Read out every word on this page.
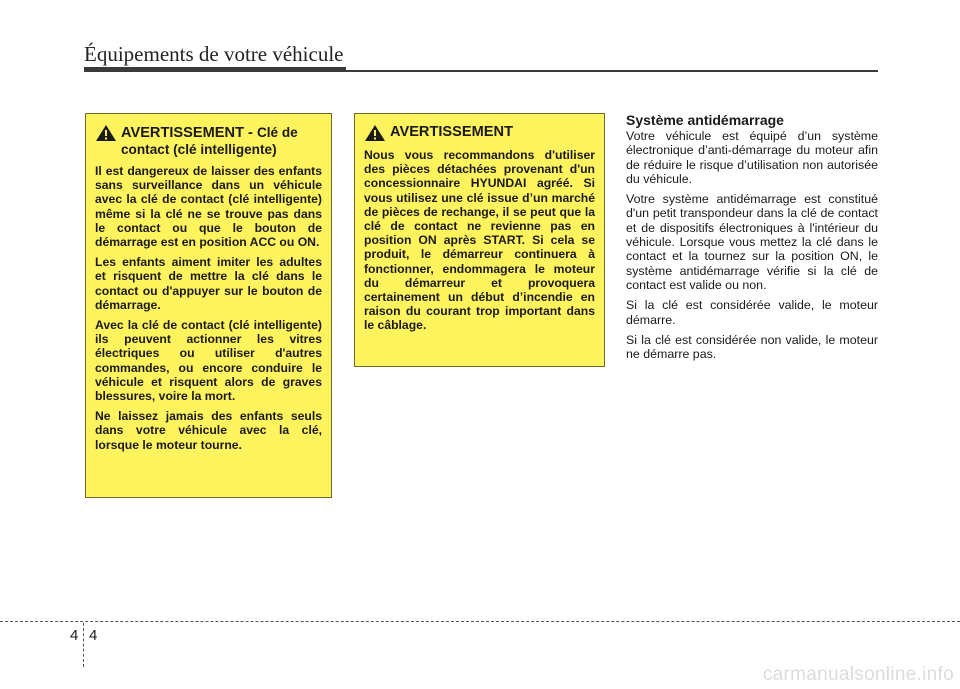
Équipements de votre véhicule
AVERTISSEMENT - Clé de contact (clé intelligente)

Il est dangereux de laisser des enfants sans surveillance dans un véhicule avec la clé de contact (clé intelligente) même si la clé ne se trouve pas dans le contact ou que le bouton de démarrage est en position ACC ou ON.

Les enfants aiment imiter les adultes et risquent de mettre la clé dans le contact ou d'appuyer sur le bouton de démarrage.

Avec la clé de contact (clé intelligente) ils peuvent actionner les vitres électriques ou utiliser d'autres commandes, ou encore conduire le véhicule et risquent alors de graves blessures, voire la mort.

Ne laissez jamais des enfants seuls dans votre véhicule avec la clé, lorsque le moteur tourne.

AVERTISSEMENT

Nous vous recommandons d'utiliser des pièces détachées provenant d'un concessionnaire HYUNDAI agréé. Si vous utilisez une clé issue d’un marché de pièces de rechange, il se peut que la clé de contact ne revienne pas en position ON après START. Si cela se produit, le démarreur continuera à fonctionner, endommagera le moteur du démarreur et provoquera certainement un début d’incendie en raison du courant trop important dans le câblage.

Système antidémarrage

Votre véhicule est équipé d’un système électronique d’anti-démarrage du moteur afin de réduire le risque d’utilisation non autorisée du véhicule.

Votre système antidémarrage est constitué d'un petit transpondeur dans la clé de contact et de dispositifs électroniques à l'intérieur du véhicule. Lorsque vous mettez la clé dans le contact et la tournez sur la position ON, le système antidémarrage vérifie si la clé de contact est valide ou non.

Si la clé est considérée valide, le moteur démarre.

Si la clé est considérée non valide, le moteur ne démarre pas.

4 4
carmanualsonline.info
